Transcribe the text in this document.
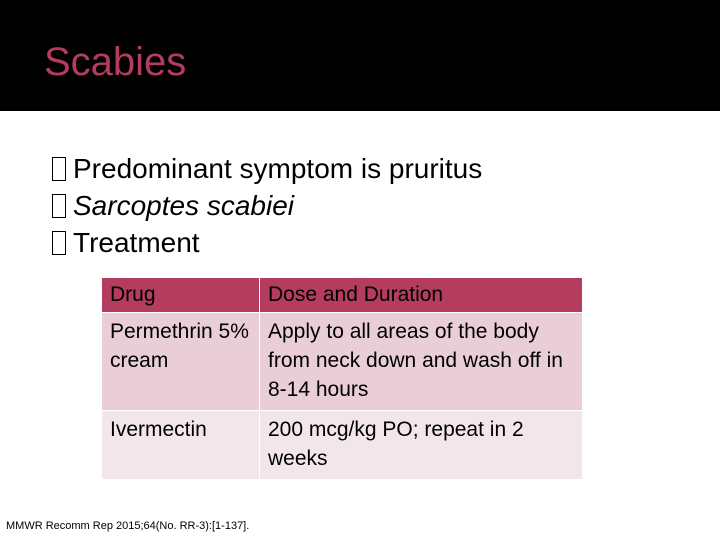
Scabies
Predominant symptom is pruritus
Sarcoptes scabiei
Treatment
Drug	Dose and Duration
Permethrin 5% cream	Apply to all areas of the body from neck down and wash off in 8-14 hours
Ivermectin	200 mcg/kg PO; repeat in 2 weeks
MMWR Recomm Rep 2015;64(No. RR-3):[1-137].
